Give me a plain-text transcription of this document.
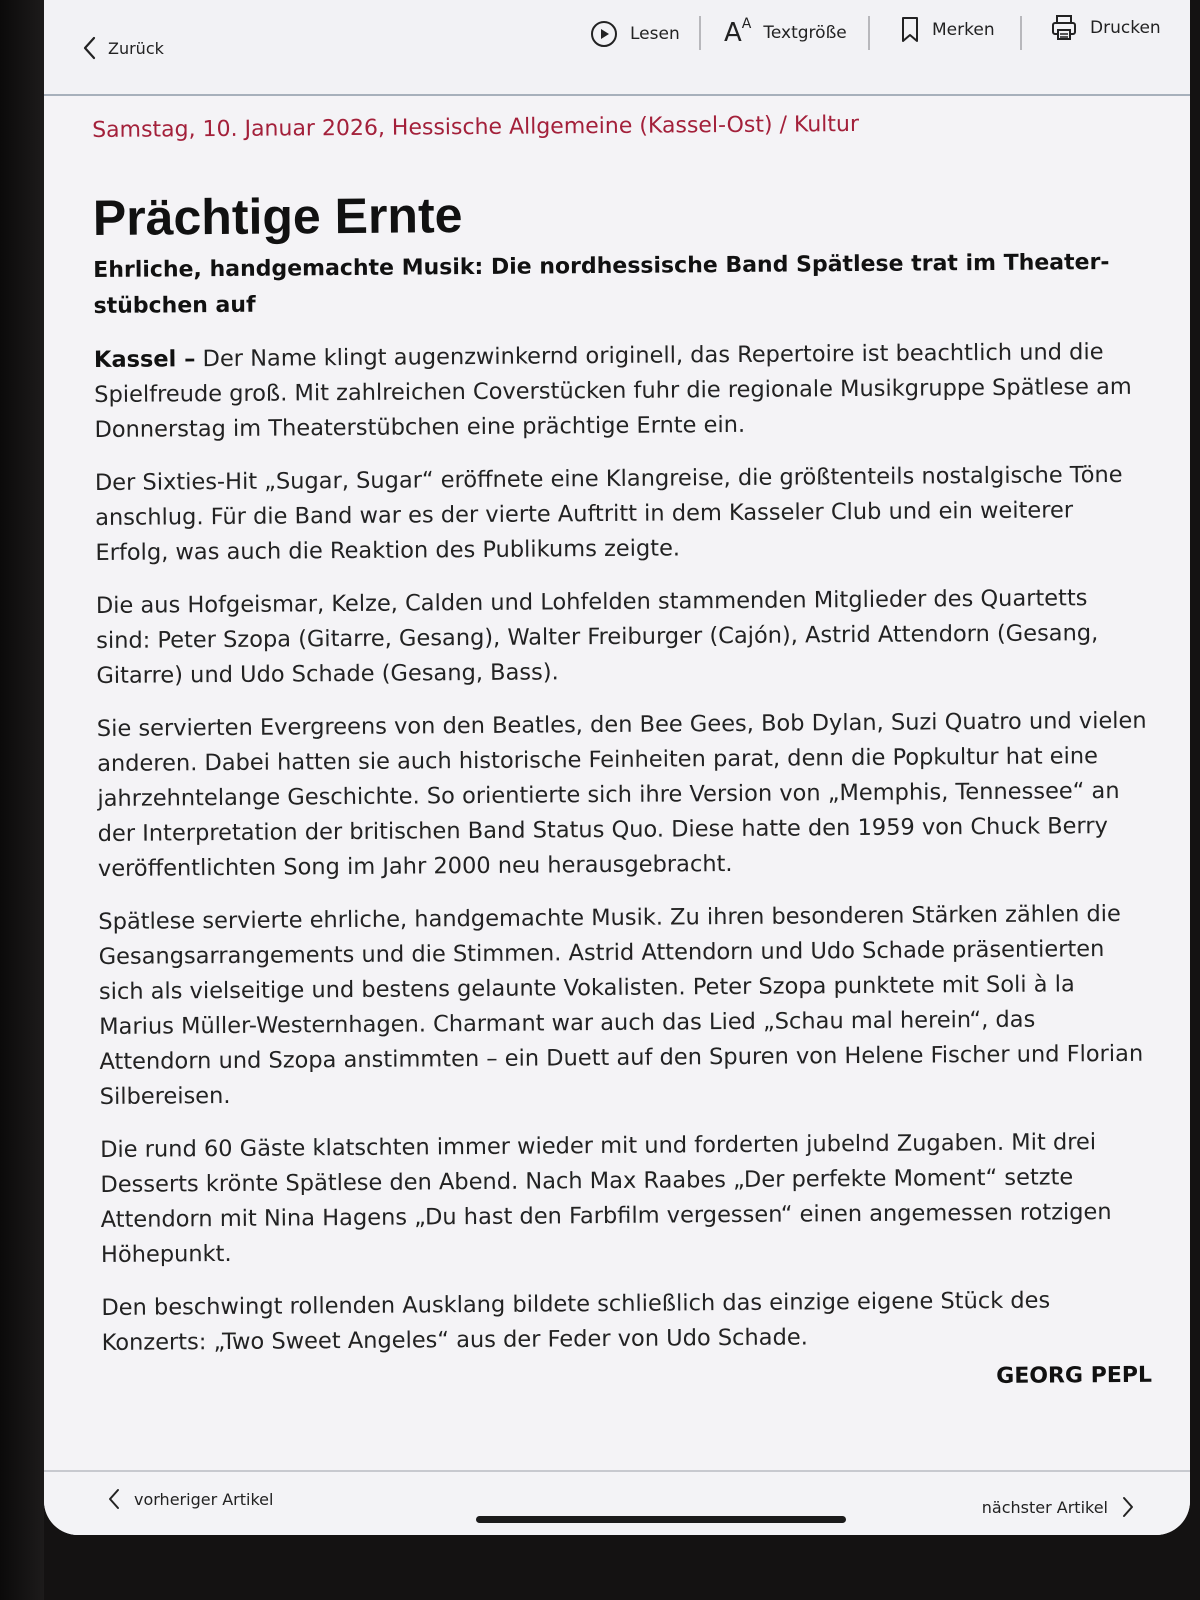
Zurück
Lesen $A^A$ Textgröße	Merken	Drucken
Samstag, 10. Januar 2026, Hessische Allgemeine (Kassel-Ost) / Kultur
Prächtige Ernte
Ehrliche, handgemachte Musik: Die nordhessische Band Spätlese trat im Theaterstübchen auf

Kassel – Der Name klingt augenzwinkernd originell, das Repertoire ist beachtlich und die Spielfreude groß. Mit zahlreichen Coverstücken fuhr die regionale Musikgruppe Spätlese am Donnerstag im Theaterstübchen eine prächtige Ernte ein.

Der Sixties-Hit „Sugar, Sugar“ eröffnete eine Klangreise, die größtenteils nostalgische Töne anschlug. Für die Band war es der vierte Auftritt in dem Kasseler Club und ein weiterer Erfolg, was auch die Reaktion des Publikums zeigte.

Die aus Hofgeismar, Kelze, Calden und Lohfelden stammenden Mitglieder des Quartetts sind: Peter Szopa (Gitarre, Gesang), Walter Freiburger (Cajón), Astrid Attendorn (Gesang, Gitarre) und Udo Schade (Gesang, Bass).

Sie servierten Evergreens von den Beatles, den Bee Gees, Bob Dylan, Suzi Quatro und vielen anderen. Dabei hatten sie auch historische Feinheiten parat, denn die Popkultur hat eine jahrzehntelange Geschichte. So orientierte sich ihre Version von „Memphis, Tennessee“ an der Interpretation der britischen Band Status Quo. Diese hatte den 1959 von Chuck Berry veröffentlichten Song im Jahr 2000 neu herausgebracht.

Spätlese servierte ehrliche, handgemachte Musik. Zu ihren besonderen Stärken zählen die Gesangsarrangements und die Stimmen. Astrid Attendorn und Udo Schade präsentierten sich als vielseitige und bestens gelaunte Vokalisten. Peter Szopa punktete mit Soli à la Marius Müller-Westernhagen. Charmant war auch das Lied „Schau mal herein“, das Attendorn und Szopa anstimmten – ein Duett auf den Spuren von Helene Fischer und Florian Silbereisen.

Die rund 60 Gäste klatschten immer wieder mit und forderten jubelnd Zugaben. Mit drei Desserts krönte Spätlese den Abend. Nach Max Raabes „Der perfekte Moment“ setzte Attendorn mit Nina Hagens „Du hast den Farbfilm vergessen“ einen angemessen rotzigen Höhepunkt.

Den beschwingt rollenden Ausklang bildete schließlich das einzige eigene Stück des Konzerts: „Two Sweet Angeles“ aus der Feder von Udo Schade.

GEORG PEPL
vorheriger Artikel	nächster Artikel
